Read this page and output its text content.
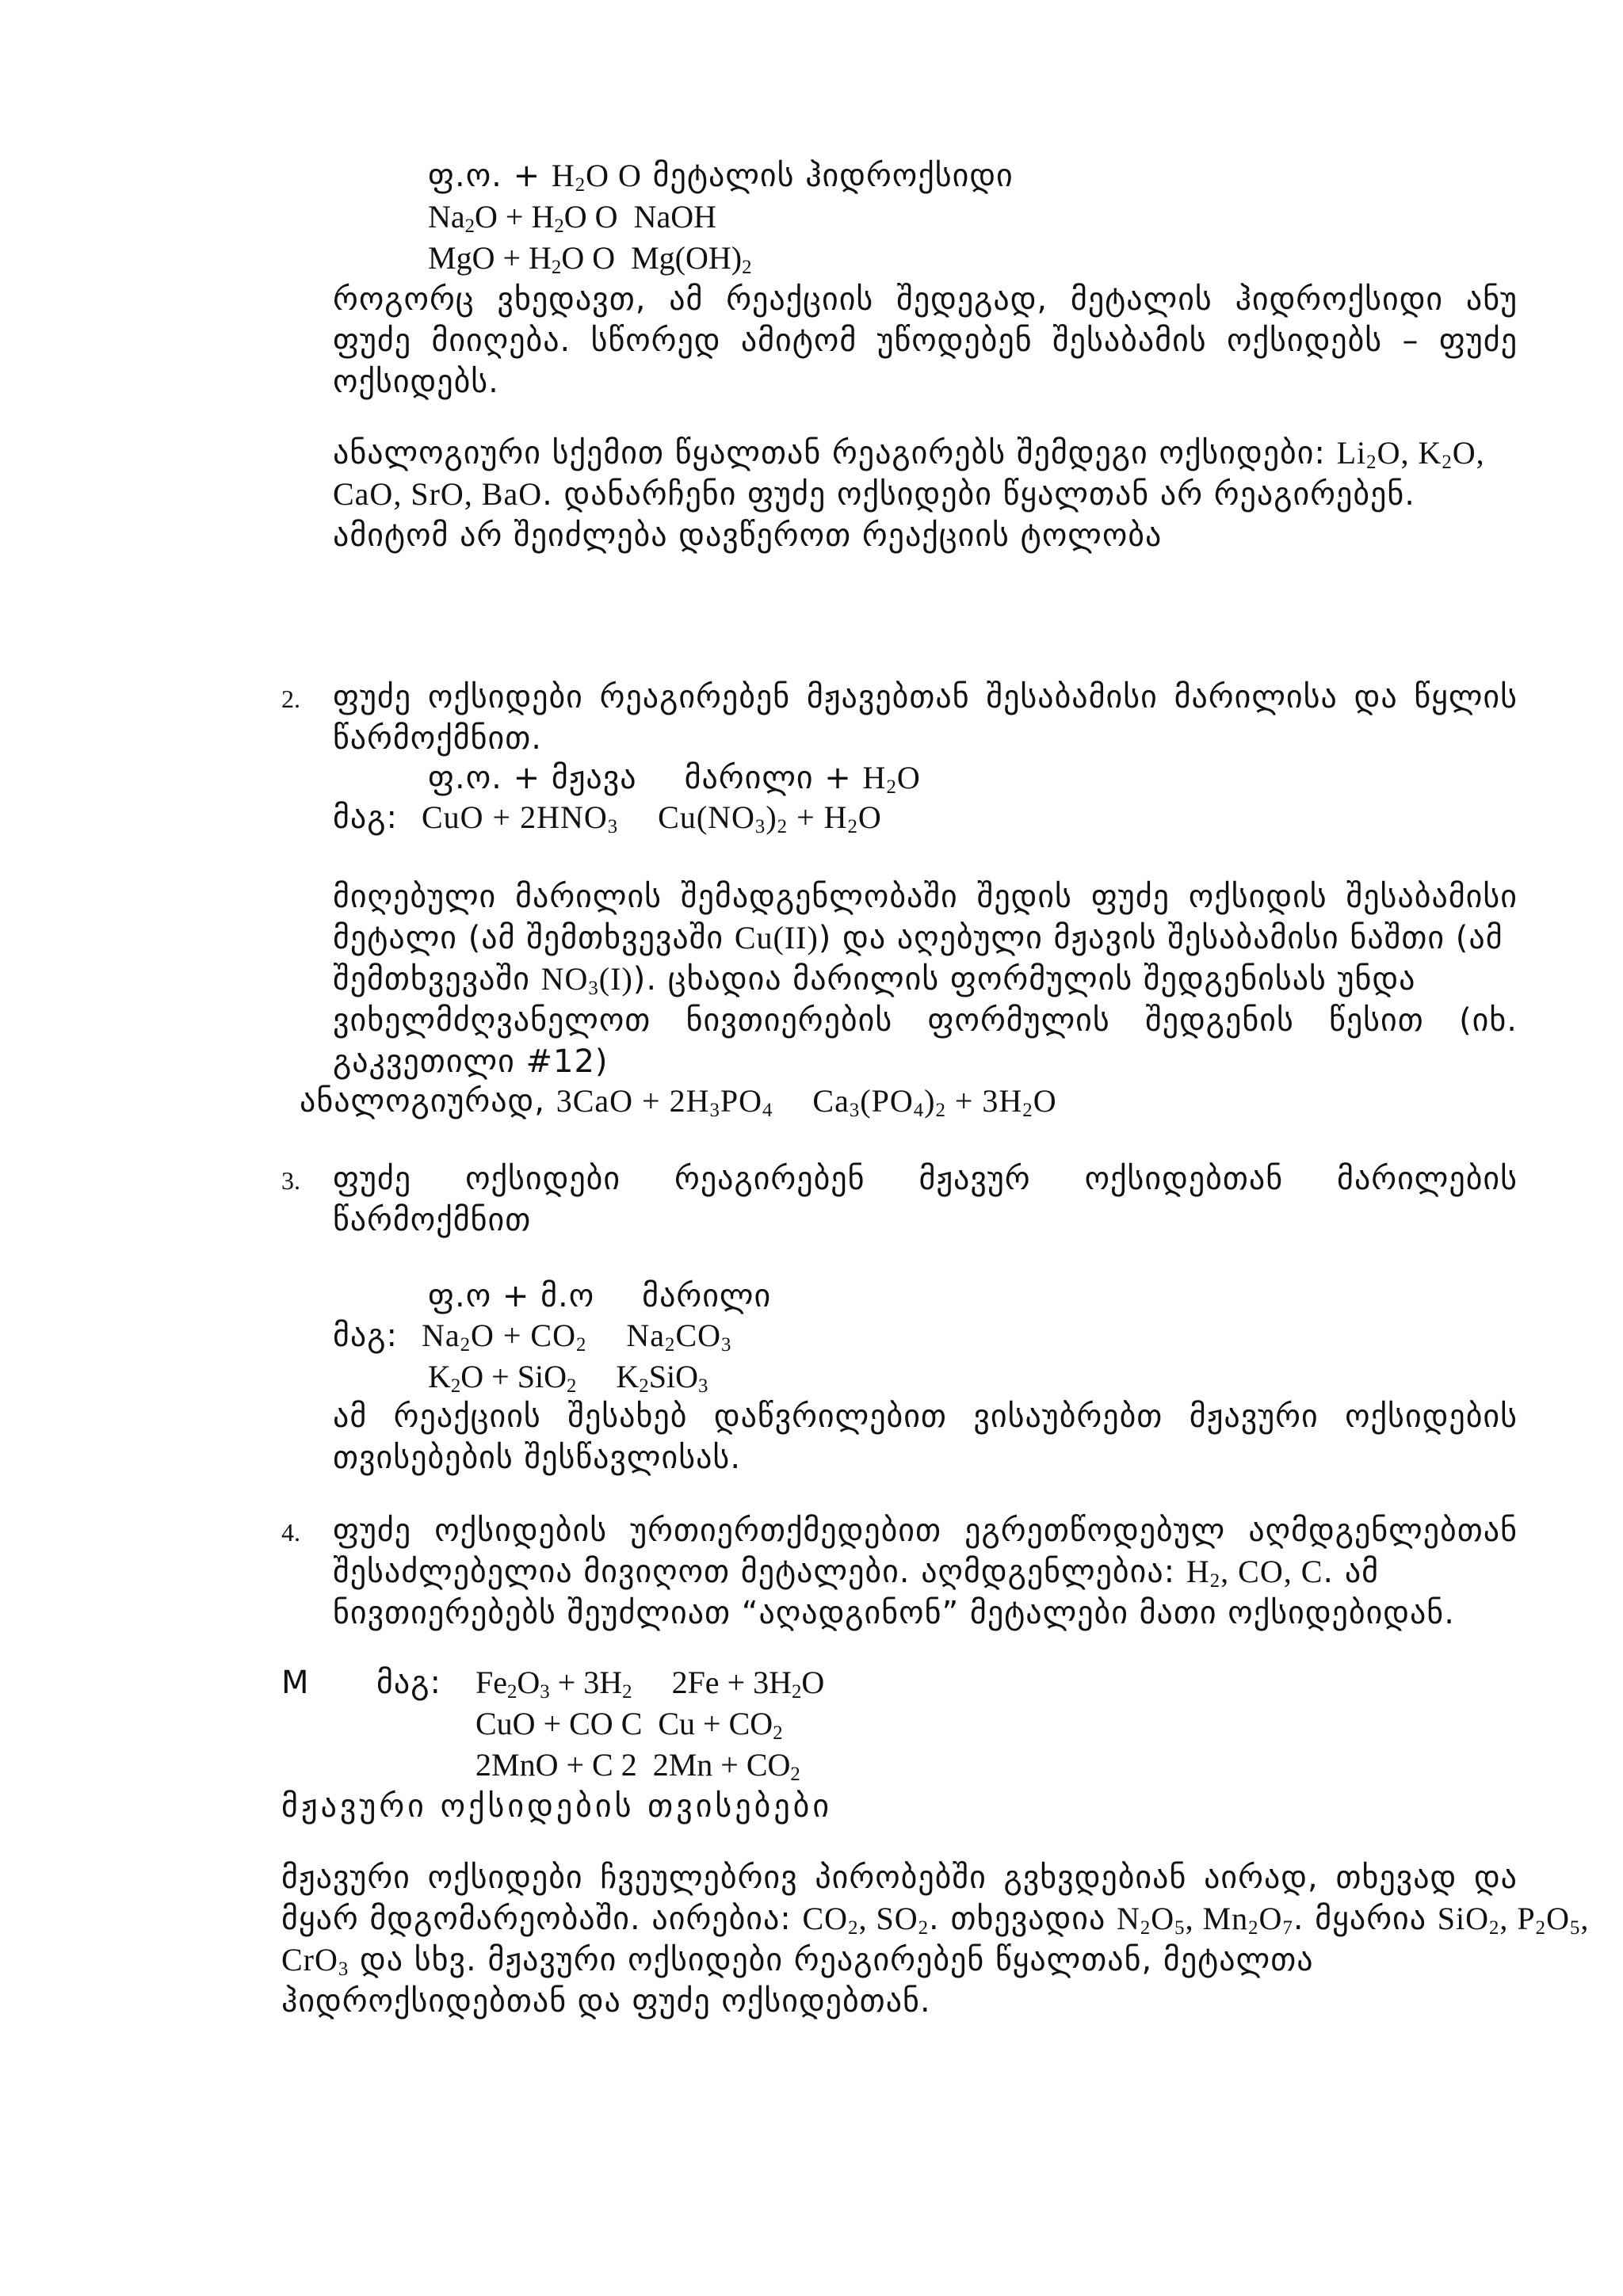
ფ.ო. + $H_2O$ O მეტალის ჰიდროქსიდი
$Na_2O + H_2O$ O  NaOH
MgO + $H_2O$ O  $Mg(OH)_2$
როგორც ვხედავთ, ამ რეაქციის შედეგად, მეტალის ჰიდროქსიდი ანუ
ფუძე მიიღება. სწორედ ამიტომ უწოდებენ შესაბამის ოქსიდებს – ფუძე
ოქსიდებს.
ანალოგიური სქემით წყალთან რეაგირებს შემდეგი ოქსიდები: $Li_2O$, $K_2O$,
CaO, SrO, BaO. დანარჩენი ფუძე ოქსიდები წყალთან არ რეაგირებენ.
ამიტომ არ შეიძლება დავწეროთ რეაქციის ტოლობა
2. ფუძე ოქსიდები რეაგირებენ მჟავებთან შესაბამისი მარილისა და წყლის
წარმოქმნით.
ფ.ო. + მჟავა მარილი + $H_2O$
მაგ: CuO + $2HNO_3$ $Cu(NO_3)_2 + H_2O$
მიღებული მარილის შემადგენლობაში შედის ფუძე ოქსიდის შესაბამისი
მეტალი (ამ შემთხვევაში Cu(II)) და აღებული მჟავის შესაბამისი ნაშთი (ამ
შემთხვევაში $NO_3(I)$). ცხადია მარილის ფორმულის შედგენისას უნდა
ვიხელმძღვანელოთ ნივთიერების ფორმულის შედგენის წესით (იხ.
გაკვეთილი #12)
ანალოგიურად, $3CaO + 2H_3PO_4$ $Ca_3(PO_4)_2 + 3H_2O$
3. ფუძე ოქსიდები რეაგირებენ მჟავურ ოქსიდებთან მარილების
წარმოქმნით
ფ.ო + მ.ო მარილი
მაგ: $Na_2O + CO_2$ $Na_2CO_3$
$K_2O + SiO_2$ $K_2SiO_3$
ამ რეაქციის შესახებ დაწვრილებით ვისაუბრებთ მჟავური ოქსიდების
თვისებების შესწავლისას.
4. ფუძე ოქსიდების ურთიერთქმედებით ეგრეთწოდებულ აღმდგენლებთან
შესაძლებელია მივიღოთ მეტალები. აღმდგენლებია: $H_2$, CO, C. ამ
ნივთიერებებს შეუძლიათ “აღადგინონ” მეტალები მათი ოქსიდებიდან.
M მაგ: $Fe_2O_3 + 3H_2$ $2Fe + 3H_2O$
CuO + CO C  $Cu + CO_2$
2MnO + C 2  $2Mn + CO_2$
მჟავური ოქსიდების თვისებები
მჟავური ოქსიდები ჩვეულებრივ პირობებში გვხვდებიან აირად, თხევად და
მყარ მდგომარეობაში. აირებია: $CO_2$, $SO_2$. თხევადია $N_2O_5$, $Mn_2O_7$. მყარია SiO$_2$, $P_2O_5$,
CrO$_3$ და სხვ. მჟავური ოქსიდები რეაგირებენ წყალთან, მეტალთა
ჰიდროქსიდებთან და ფუძე ოქსიდებთან.
